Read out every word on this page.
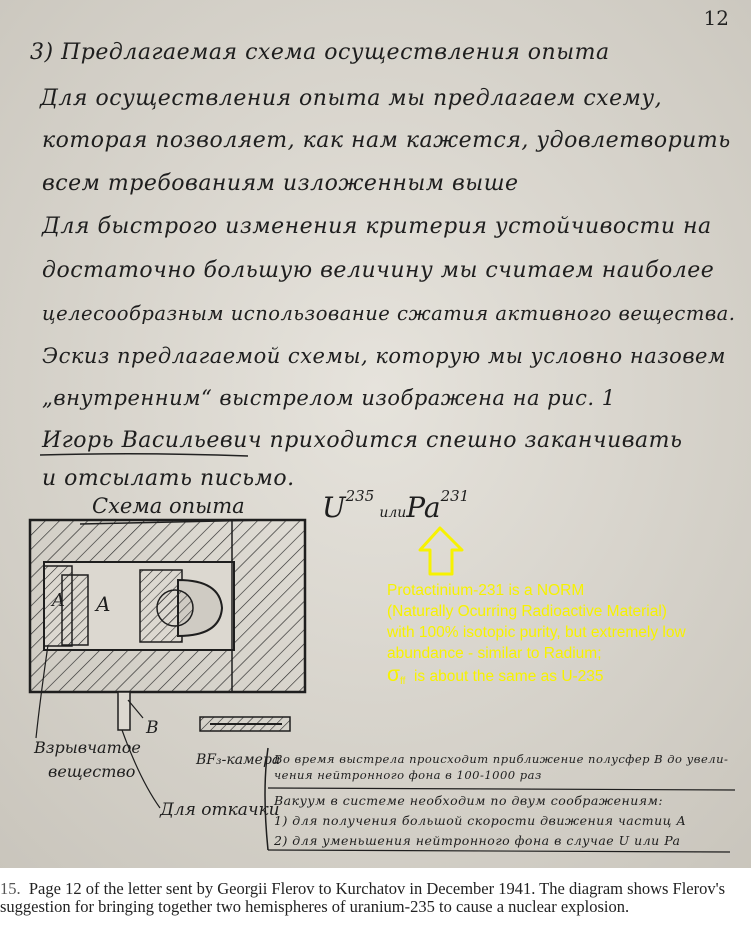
12
3) Предлагаемая схема осуществления опыта
Для осуществления опыта мы предлагаем схему,
которая позволяет, как нам кажется, удовлетворить
всем требованиям изложенным выше
Для быстрого изменения критерия устойчивости на
достаточно большую величину мы считаем наиболее
целесообразным использование сжатия активного вещества.
Эскиз предлагаемой схемы, которую мы условно назовем
„внутренним“ выстрелом изображена на рис. 1
Игорь Васильевич приходится спешно заканчивать
и отсылать письмо.
Схема опыта
A A
B
Взрывчатое
вещество
BF₃-камера
Для откачки
$U^{235}$ илиPa$^{231}$
Во время выстрела происходит приближение полусфер В до увели-
чения нейтронного фона в 100-1000 раз
Вакуум в системе необходим по двум соображениям:
1) для получения большой скорости движения частиц А
2) для уменьшения нейтронного фона в случае U или Pa
Protactinium-231 is a NORM
(Naturally Ocurring Radioactive Material)
with 100% isotopic purity, but extremely low
abundance - similar to Radium;
$\sigma_{ff}$ is about the same as U-235
15. Page 12 of the letter sent by Georgii Flerov to Kurchatov in December 1941. The diagram shows Flerov's suggestion for bringing together two hemispheres of uranium-235 to cause a nuclear explosion.
